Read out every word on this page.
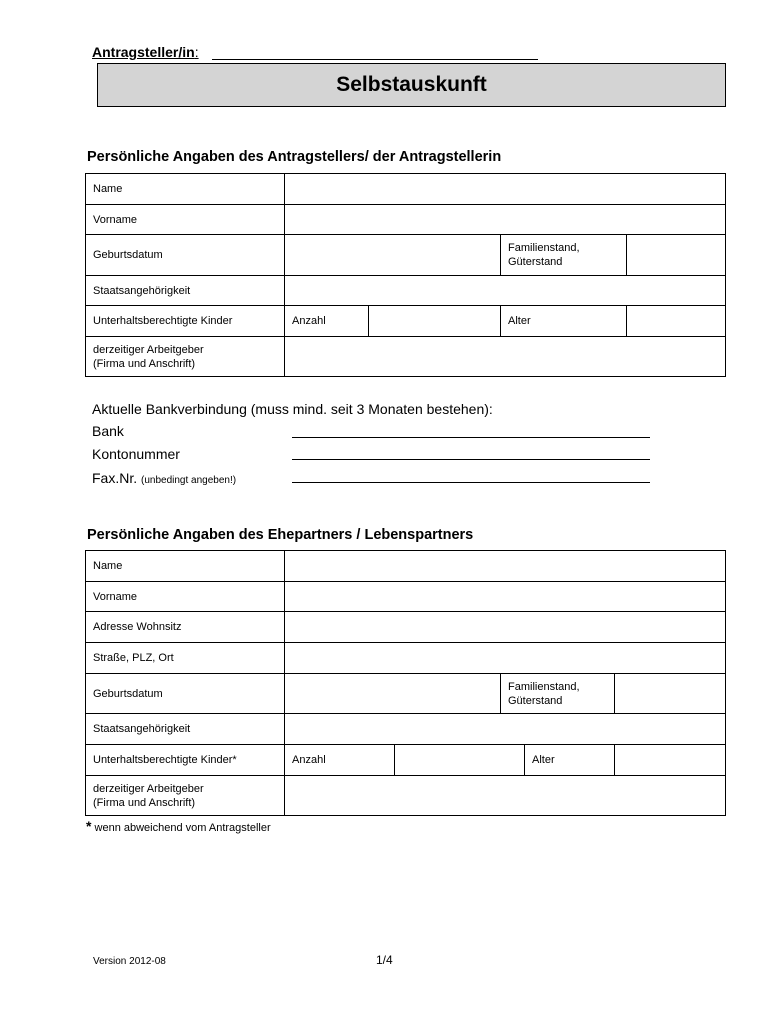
Antragsteller/in:
Selbstauskunft
Persönliche Angaben des Antragstellers/ der Antragstellerin
Name				
Vorname				
Geburtsdatum			Familienstand,
Güterstand	
Staatsangehörigkeit				
Unterhaltsberechtigte Kinder	Anzahl		Alter	
derzeitiger Arbeitgeber
(Firma und Anschrift)				
Aktuelle Bankverbindung (muss mind. seit 3 Monaten bestehen):
Bank
Kontonummer
Fax.Nr. (unbedingt angeben!)
Persönliche Angaben des Ehepartners / Lebenspartners
Name					
Vorname					
Adresse Wohnsitz					
Straße, PLZ, Ort					
Geburtsdatum			Familienstand,
Güterstand		
Staatsangehörigkeit					
Unterhaltsberechtigte Kinder*	Anzahl			Alter	
derzeitiger Arbeitgeber
(Firma und Anschrift)					
* wenn abweichend vom Antragsteller
Version 2012-08	1/4
